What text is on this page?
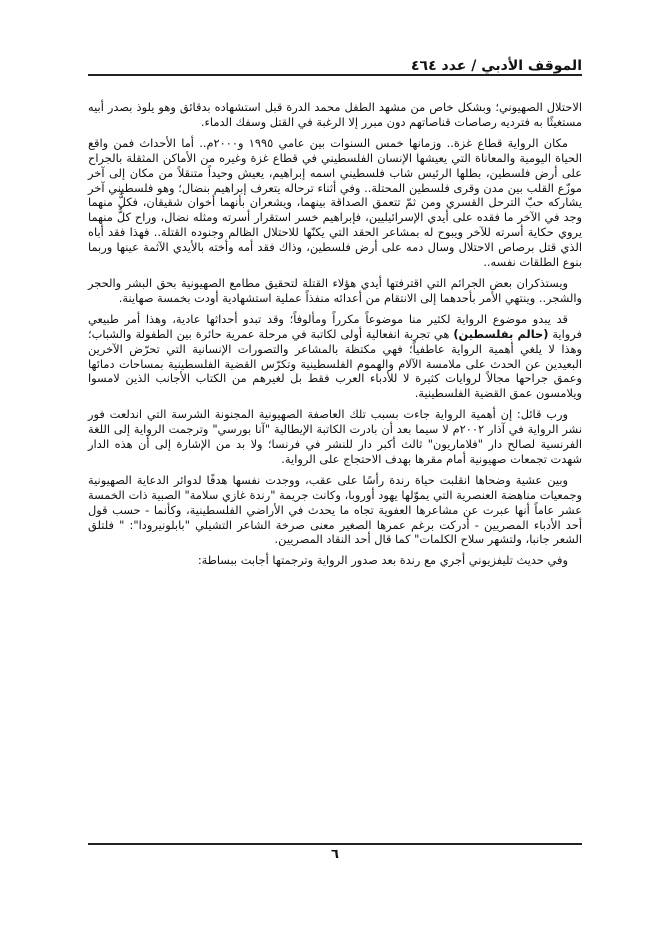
الموقف الأدبي / عدد ٤٦٤

الاحتلال الصهيوني؛ وبشكل خاص من مشهد الطفل محمد الدرة قبل استشهاده بدقائق وهو يلوذ بصدر أبيه مستغيثًا به فترديه رصاصات قناصاتهم دون مبرر إلا الرغبة في القتل وسفك الدماء.

مكان الرواية قطاع غزة.. وزمانها خمس السنوات بين عامي ١٩٩٥ و٢٠٠٠م.. أما الأحداث فمن واقع الحياة اليومية والمعاناة التي يعيشها الإنسان الفلسطيني في قطاع غزة وغيره من الأماكن المثقلة بالجراح على أرض فلسطين، بطلها الرئيس شاب فلسطيني اسمه إبراهيم، يعيش وحيداً متنقلاً من مكان إلى آخر موزّع القلب بين مدن وقرى فلسطين المحتلة.. وفي أثناء ترحاله يتعرف إبراهيم بنضال؛ وهو فلسطيني آخر يشاركه حبّ الترحل القسري ومن ثمّ تتعمق الصداقة بينهما، ويشعران بأنهما أخوان شقيقان، فكلٌّ منهما وجد في الآخر ما فقده على أيدي الإسرائيليين، فإبراهيم خسر استقرار أسرته ومثله نضال، وراح كلٌّ منهما يروي حكاية أسرته للآخر ويبوح له بمشاعر الحقد التي يكنّها للاحتلال الظالم وجنوده القتلة.. فهذا فقد أباه الذي قتل برصاص الاحتلال وسال دمه على أرض فلسطين، وذاك فقد أمه وأخته بالأيدي الآثمة عينها وربما بنوع الطلقات نفسه..

ويستذكران بعض الجرائم التي اقترفتها أيدي هؤلاء القتلة لتحقيق مطامع الصهيونية بحق البشر والحجر والشجر.. وينتهي الأمر بأحدهما إلى الانتقام من أعدائه منفذاً عملية استشهادية أودت بخمسة صهاينة.

قد يبدو موضوع الرواية لكثير منا موضوعاً مكرراً ومألوفاً؛ وقد تبدو أحداثها عادية، وهذا أمر طبيعي فرواية (حالم بفلسطين) هي تجربة انفعالية أولى لكاتبة في مرحلة عمرية حائرة بين الطفولة والشباب؛ وهذا لا يلغي أهمية الرواية عاطفياً؛ فهي مكتظة بالمشاعر والتصورات الإنسانية التي تحرّض الآخرين البعيدين عن الحدث على ملامسة الآلام والهموم الفلسطينية وتكرّس القضية الفلسطينية بمساحات دمائها وعمق جراحها مجالاً لروايات كثيرة لا للأدباء العرب فقط بل لغيرهم من الكتاب الأجانب الذين لامسوا ويلامسون عمق القضية الفلسطينية.

ورب قائل: إن أهمية الرواية جاءت بسبب تلك العاصفة الصهيونية المجنونة الشرسة التي اندلعت فور نشر الرواية في آذار ٢٠٠٢م لا سيما بعد أن بادرت الكاتبة الإيطالية "آنا بورسي" وترجمت الرواية إلى اللغة الفرنسية لصالح دار "فلاماريون" ثالث أكبر دار للنشر في فرنسا؛ ولا بد من الإشارة إلى أن هذه الدار شهدت تجمعات صهيونية أمام مقرها بهدف الاحتجاج على الرواية.

وبين عشية وضحاها انقلبت حياة رندة رأسًا على عقب، ووجدت نفسها هدفًا لدوائر الدعاية الصهيونية وجمعيات مناهضة العنصرية التي يموّلها يهود أوروبا، وكانت جريمة "رندة غازي سلامة" الصبية ذات الخمسة عشر عاماً أنها عبرت عن مشاعرها العفوية تجاه ما يحدث في الأراضي الفلسطينية، وكأنما - حسب قول أحد الأدباء المصريين - أدركت برغم عمرها الصغير معنى صرخة الشاعر التشيلي "بابلونيرودا": " فلتلق الشعر جانبا، ولتشهر سلاح الكلمات" كما قال أحد النقاد المصريين.

وفي حديث تليفزيوني أجري مع رندة بعد صدور الرواية وترجمتها أجابت ببساطة:

٦
